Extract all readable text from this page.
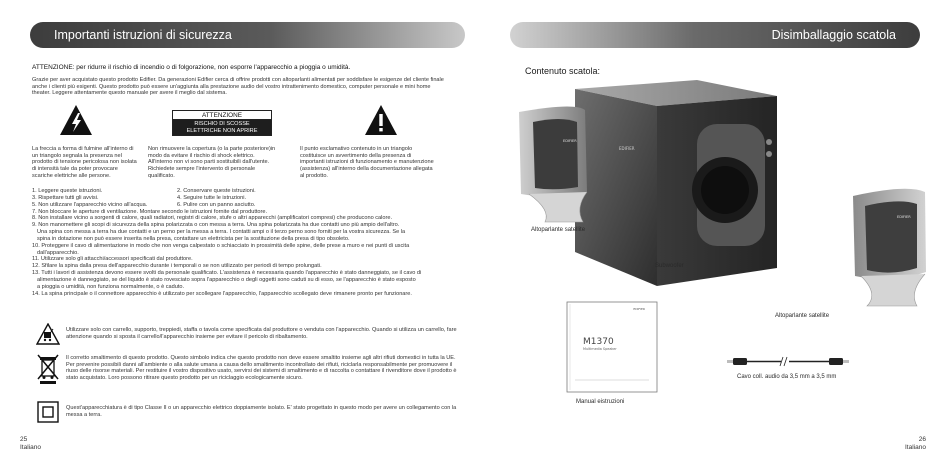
Importanti istruzioni di sicurezza
ATTENZIONE: per ridurre il rischio di incendio o di folgorazione, non esporre l'apparecchio a pioggia o umidità.
Grazie per aver acquistato questo prodotto Edifier. Da generazioni Edifier cerca di offrire prodotti con altoparlanti alimentati per soddisfare le esigenze del cliente finale anche i clienti più esigenti. Questo prodotto può essere un'aggiunta alla prestazione audio del vostro intrattenimento domestico, computer personale e mini home theater. Leggere attentamente questo manuale per avere il meglio dal sistema.
ATTENZIONE
RISCHIO DI SCOSSE
ELETTRICHE NON APRIRE
La freccia a forma di fulmine all'interno di un triangolo segnala la presenza nel prodotto di tensione pericolosa non isolata di intensità tale da poter provocare scariche elettriche alle persone.
Non rimuovere la copertura (o la parte posteriore)in modo da evitare il rischio di shock elettrico. All'interno non vi sono parti sostituibili dall'utente. Richiedete sempre l'intervento di personale qualificato.
Il punto esclamativo contenuto in un triangolo costituisce un avvertimento della presenza di importanti istruzioni di funzionamento e manutenzione (assistenza) all'interno della documentazione allegata al prodotto.
1. Leggere queste istruzioni.	2. Conservare queste istruzioni.
3. Rispettare tutti gli avvisi.	4. Seguire tutte le istruzioni.
5. Non utilizzare l'apparecchio vicino all'acqua.	6. Pulire con un panno asciutto.
7. Non bloccare le aperture di ventilazione. Montare secondo le istruzioni fornite dal produttore.
8. Non installare vicino a sorgenti di calore, quali radiatori, registri di calore, stufe o altri apparecchi (amplificatori compresi) che producono calore.
9. Non manomettere gli scopi di sicurezza della spina polarizzata o con messa a terra. Una spina polarizzata ha due contatti uno più ampio dell'altro.
Una spina con messa a terra ha due contatti e un perno per la messa a terra. I contatti ampi o il terzo perno sono forniti per la vostra sicurezza. Se la
spina in dotazione non può essere inserita nella presa, contattare un elettricista per la sostituzione della presa di tipo obsoleto.
10. Proteggere il cavo di alimentazione in modo che non venga calpestato o schiacciato in prossimità delle spine, delle prese a muro e nei punti di uscita
dall'apparecchio.
11. Utilizzare solo gli attacchi/accessori specificati dal produttore.
12. Sfilare la spina dalla presa dell'apparecchio durante i temporali o se non utilizzato per periodi di tempo prolungati.
13. Tutti i lavori di assistenza devono essere svolti da personale qualificato. L'assistenza è necessaria quando l'apparecchio è stato danneggiato, se il cavo di
alimentazione è danneggiato, se del liquido è stato rovesciato sopra l'apparecchio o degli oggetti sono caduti su di esso, se l'apparecchio è stato esposto
a pioggia o umidità, non funziona normalmente, o è caduto.
14. La spina principale o il connettore apparecchio è utilizzato per scollegare l'apparecchio, l'apparecchio scollegato deve rimanere pronto per funzionare.
Utilizzare solo con carrello, supporto, treppiedi, staffa o tavola come specificata dal produttore o venduta con l'apparecchio. Quando si utilizza un carrello, fare attenzione quando si sposta il carrello/l'apparecchio insieme per evitare il pericolo di ribaltamento.
Il corretto smaltimento di questo prodotto. Questo simbolo indica che questo prodotto non deve essere smaltito insieme agli altri rifiuti domestici in tutta la UE. Per prevenire possibili danni all'ambiente o alla salute umana a causa dello smaltimento incontrollato dei rifiuti, riciclarla responsabilmente per promuovere il riuso delle risorse materiali. Per restituire il vostro dispositivo usato, servirsi dei sistemi di smaltimento e di raccolta o contattare il rivenditore dove il prodotto è stato acquistato. Loro possono ritirare questo prodotto per un riciclaggio ecologicamente sicuro.
Quest'apparecchiatura è di tipo Classe II o un apparecchio elettrico doppiamente isolato. E' stato progettato in questo modo per avere un collegamento con la messa a terra.
25
Italiano
Disimballaggio scatola
Contenuto scatola:
EDIFIER
EDIFIER
EDIFIER
Altoparlante satellite
Subwoofer
Altoparlante satellite
EDIFIER
M1370
Multimedia Speaker
Manual eistruzioni
Cavo coll. audio da 3,5 mm a 3,5 mm
26
Italiano
